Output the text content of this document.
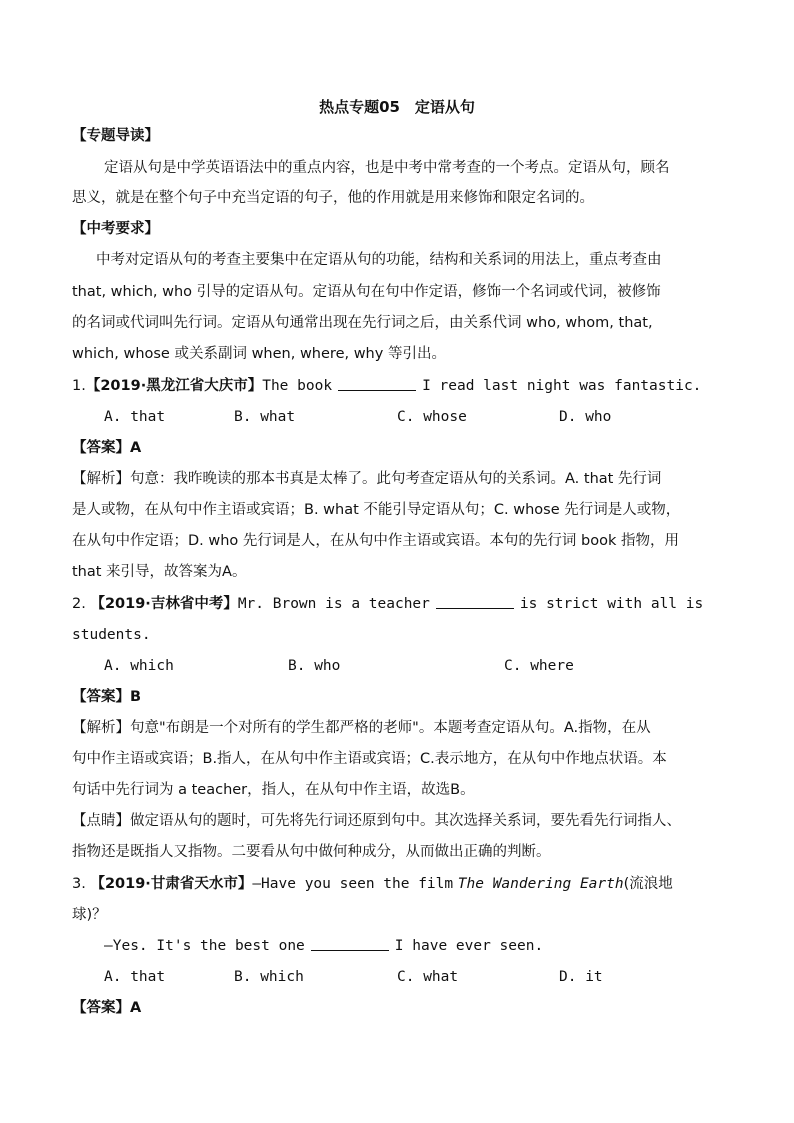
热点专题05　定语从句
【专题导读】
定语从句是中学英语语法中的重点内容，也是中考中常考查的一个考点。定语从句，顾名
思义，就是在整个句子中充当定语的句子，他的作用就是用来修饰和限定名词的。
【中考要求】
中考对定语从句的考查主要集中在定语从句的功能，结构和关系词的用法上，重点考查由
that, which, who 引导的定语从句。定语从句在句中作定语，修饰一个名词或代词，被修饰
的名词或代词叫先行词。定语从句通常出现在先行词之后，由关系代词 who, whom, that,
which, whose 或关系副词 when, where, why 等引出。
1.【2019·黑龙江省大庆市】The book	I read last night was fantastic.
A. that	B. what	C. whose	D. who
【答案】A
【解析】句意：我昨晚读的那本书真是太棒了。此句考查定语从句的关系词。A. that 先行词
是人或物，在从句中作主语或宾语；B. what 不能引导定语从句；C. whose 先行词是人或物，
在从句中作定语；D. who 先行词是人，在从句中作主语或宾语。本句的先行词 book 指物，用
that 来引导，故答案为A。
2. 【2019·吉林省中考】Mr. Brown is a teacher	is strict with all is
students.
A. which	B. who	C. where
【答案】B
【解析】句意"布朗是一个对所有的学生都严格的老师"。本题考查定语从句。A.指物，在从
句中作主语或宾语；B.指人，在从句中作主语或宾语；C.表示地方，在从句中作地点状语。本
句话中先行词为 a teacher，指人，在从句中作主语，故选B。
【点睛】做定语从句的题时，可先将先行词还原到句中。其次选择关系词，要先看先行词指人、
指物还是既指人又指物。二要看从句中做何种成分，从而做出正确的判断。
3. 【2019·甘肃省天水市】—Have you seen the film The Wandering Earth(流浪地
球)？
—Yes. It's the best one	I have ever seen.
A. that	B. which	C. what	D. it
【答案】A
